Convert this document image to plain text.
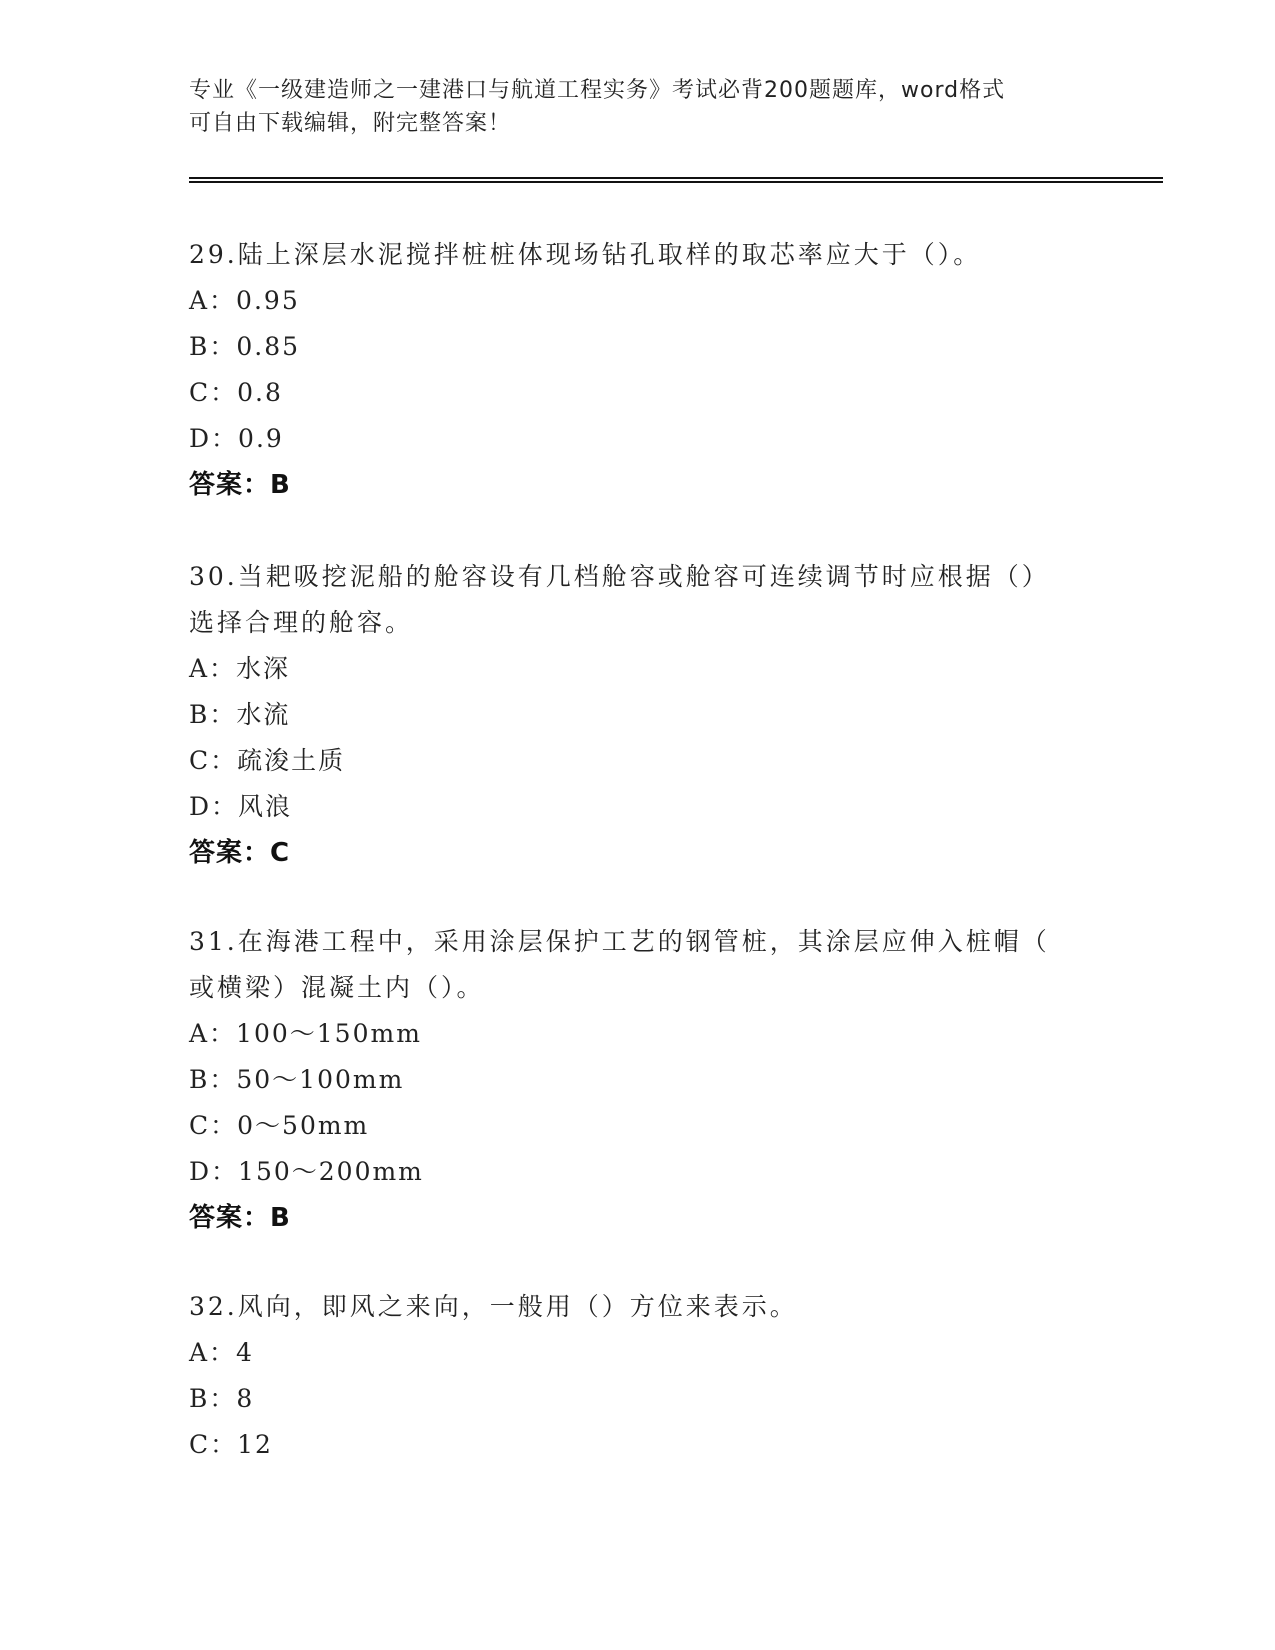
专业《一级建造师之一建港口与航道工程实务》考试必背200题题库，word格式
可自由下载编辑，附完整答案！
29.陆上深层水泥搅拌桩桩体现场钻孔取样的取芯率应大于（）。
A：0.95
B：0.85
C：0.8
D：0.9
答案：B
30.当耙吸挖泥船的舱容设有几档舱容或舱容可连续调节时应根据（）
选择合理的舱容。
A：水深
B：水流
C：疏浚土质
D：风浪
答案：C
31.在海港工程中，采用涂层保护工艺的钢管桩，其涂层应伸入桩帽（
或横梁）混凝土内（）。
A：100～150mm
B：50～100mm
C：0～50mm
D：150～200mm
答案：B
32.风向，即风之来向，一般用（）方位来表示。
A：4
B：8
C：12
